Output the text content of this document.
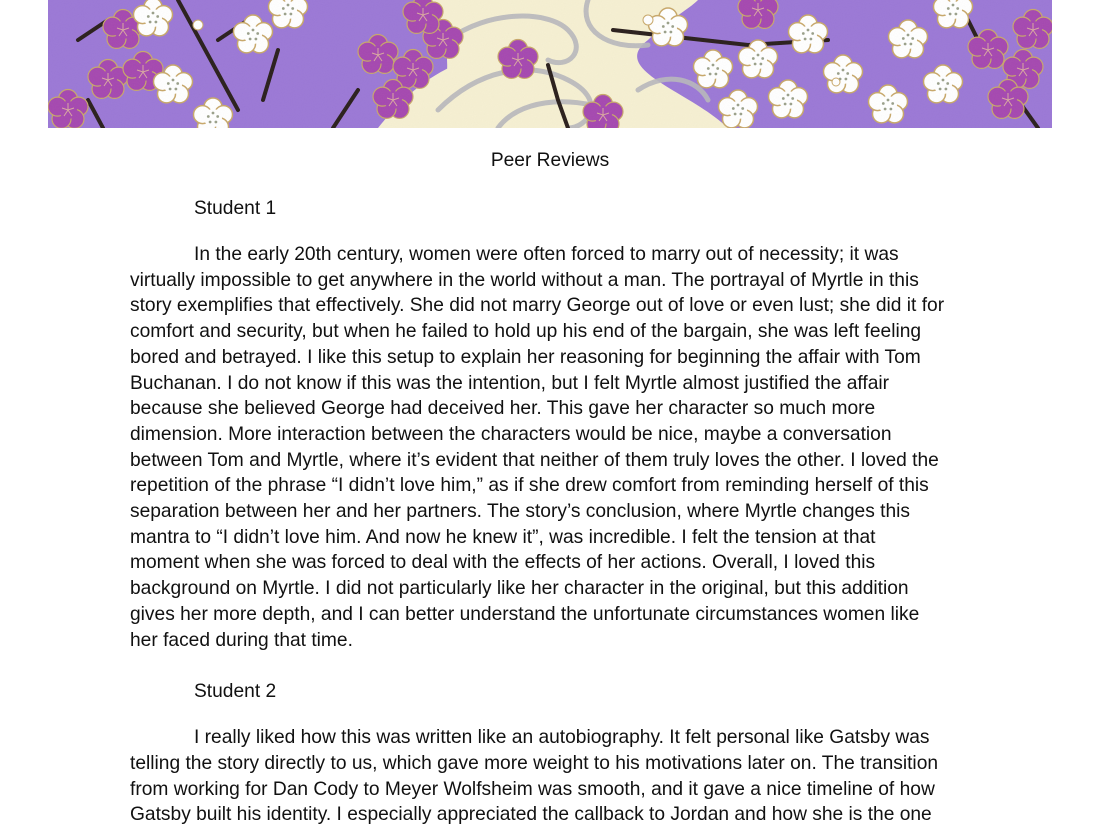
Peer Reviews
Student 1
In the early 20th century, women were often forced to marry out of necessity; it was
virtually impossible to get anywhere in the world without a man. The portrayal of Myrtle in this
story exemplifies that effectively. She did not marry George out of love or even lust; she did it for
comfort and security, but when he failed to hold up his end of the bargain, she was left feeling
bored and betrayed. I like this setup to explain her reasoning for beginning the affair with Tom
Buchanan. I do not know if this was the intention, but I felt Myrtle almost justified the affair
because she believed George had deceived her. This gave her character so much more
dimension. More interaction between the characters would be nice, maybe a conversation
between Tom and Myrtle, where it’s evident that neither of them truly loves the other. I loved the
repetition of the phrase “I didn’t love him,” as if she drew comfort from reminding herself of this
separation between her and her partners. The story’s conclusion, where Myrtle changes this
mantra to “I didn’t love him. And now he knew it”, was incredible. I felt the tension at that
moment when she was forced to deal with the effects of her actions. Overall, I loved this
background on Myrtle. I did not particularly like her character in the original, but this addition
gives her more depth, and I can better understand the unfortunate circumstances women like
her faced during that time.
Student 2
I really liked how this was written like an autobiography. It felt personal like Gatsby was
telling the story directly to us, which gave more weight to his motivations later on. The transition
from working for Dan Cody to Meyer Wolfsheim was smooth, and it gave a nice timeline of how
Gatsby built his identity. I especially appreciated the callback to Jordan and how she is the one
